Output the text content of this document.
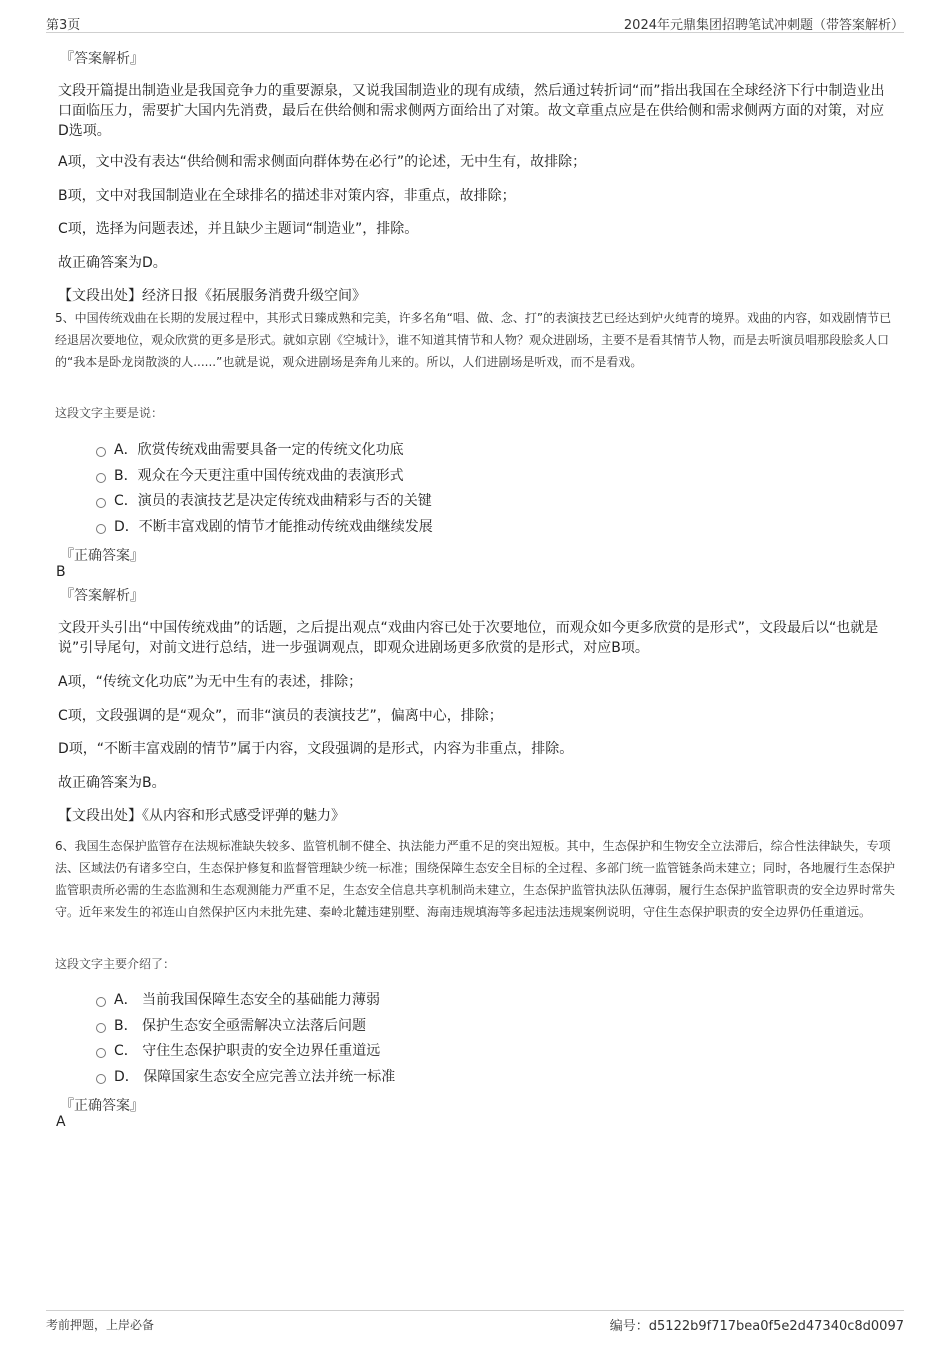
第3页	2024年元鼎集团招聘笔试冲刺题（带答案解析）
『答案解析』
文段开篇提出制造业是我国竞争力的重要源泉，又说我国制造业的现有成绩，然后通过转折词“而”指出我国在全球经济下行中制造业出口面临压力，需要扩大国内先消费，最后在供给侧和需求侧两方面给出了对策。故文章重点应是在供给侧和需求侧两方面的对策，对应D选项。
A项，文中没有表达“供给侧和需求侧面向群体势在必行”的论述，无中生有，故排除；
B项，文中对我国制造业在全球排名的描述非对策内容，非重点，故排除；
C项，选择为问题表述，并且缺少主题词“制造业”，排除。
故正确答案为D。
【文段出处】经济日报《拓展服务消费升级空间》
5、中国传统戏曲在长期的发展过程中，其形式日臻成熟和完美，许多名角“唱、做、念、打”的表演技艺已经达到炉火纯青的境界。戏曲的内容，如戏剧情节已经退居次要地位，观众欣赏的更多是形式。就如京剧《空城计》，谁不知道其情节和人物？观众进剧场，主要不是看其情节人物，而是去听演员唱那段脍炙人口的“我本是卧龙岗散淡的人......”也就是说，观众进剧场是奔角儿来的。所以，人们进剧场是听戏，而不是看戏。
这段文字主要是说：
A．欣赏传统戏曲需要具备一定的传统文化功底
B．观众在今天更注重中国传统戏曲的表演形式
C．演员的表演技艺是决定传统戏曲精彩与否的关键
D．不断丰富戏剧的情节才能推动传统戏曲继续发展
『正确答案』
B
『答案解析』
文段开头引出“中国传统戏曲”的话题，之后提出观点“戏曲内容已处于次要地位，而观众如今更多欣赏的是形式”，文段最后以“也就是说”引导尾句，对前文进行总结，进一步强调观点，即观众进剧场更多欣赏的是形式，对应B项。
A项，“传统文化功底”为无中生有的表述，排除；
C项，文段强调的是“观众”，而非“演员的表演技艺”，偏离中心，排除；
D项，“不断丰富戏剧的情节”属于内容，文段强调的是形式，内容为非重点，排除。
故正确答案为B。
【文段出处】《从内容和形式感受评弹的魅力》
6、我国生态保护监管存在法规标准缺失较多、监管机制不健全、执法能力严重不足的突出短板。其中，生态保护和生物安全立法滞后，综合性法律缺失，专项法、区域法仍有诸多空白，生态保护修复和监督管理缺少统一标准；围绕保障生态安全目标的全过程、多部门统一监管链条尚未建立；同时，各地履行生态保护监管职责所必需的生态监测和生态观测能力严重不足，生态安全信息共享机制尚未建立，生态保护监管执法队伍薄弱，履行生态保护监管职责的安全边界时常失守。近年来发生的祁连山自然保护区内未批先建、秦岭北麓违建别墅、海南违规填海等多起违法违规案例说明，守住生态保护职责的安全边界仍任重道远。
这段文字主要介绍了：
A． 当前我国保障生态安全的基础能力薄弱
B． 保护生态安全亟需解决立法落后问题
C． 守住生态保护职责的安全边界任重道远
D． 保障国家生态安全应完善立法并统一标准
『正确答案』
A
考前押题，上岸必备	编号：d5122b9f717bea0f5e2d47340c8d0097
